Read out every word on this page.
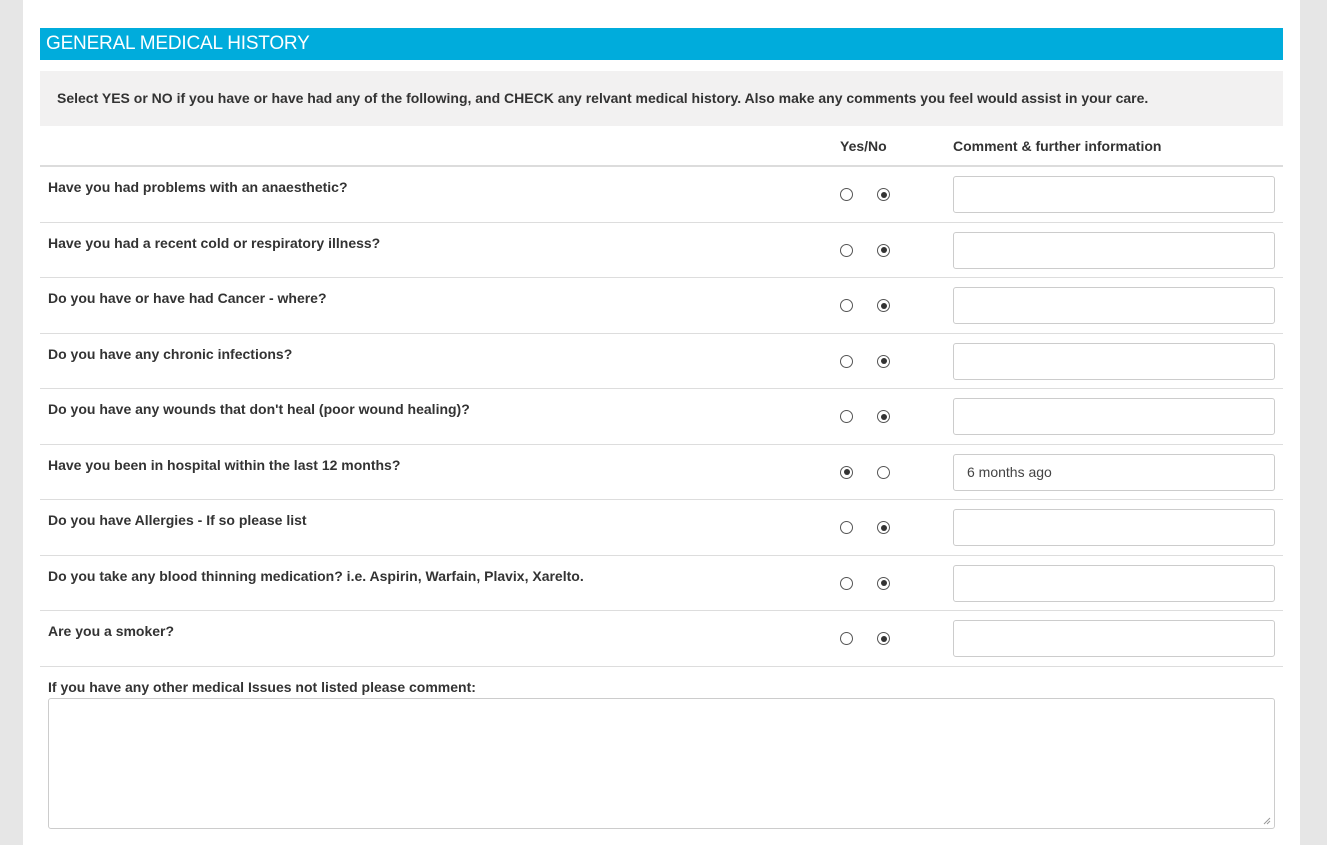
GENERAL MEDICAL HISTORY
Select YES or NO if you have or have had any of the following, and CHECK any relvant medical history. Also make any comments you feel would assist in your care.
Yes/No	Comment & further information
Have you had problems with an anaesthetic?
Have you had a recent cold or respiratory illness?
Do you have or have had Cancer - where?
Do you have any chronic infections?
Do you have any wounds that don't heal (poor wound healing)?
Have you been in hospital within the last 12 months?
6 months ago
Do you have Allergies - If so please list
Do you take any blood thinning medication? i.e. Aspirin, Warfain, Plavix, Xarelto.
Are you a smoker?
If you have any other medical Issues not listed please comment:
